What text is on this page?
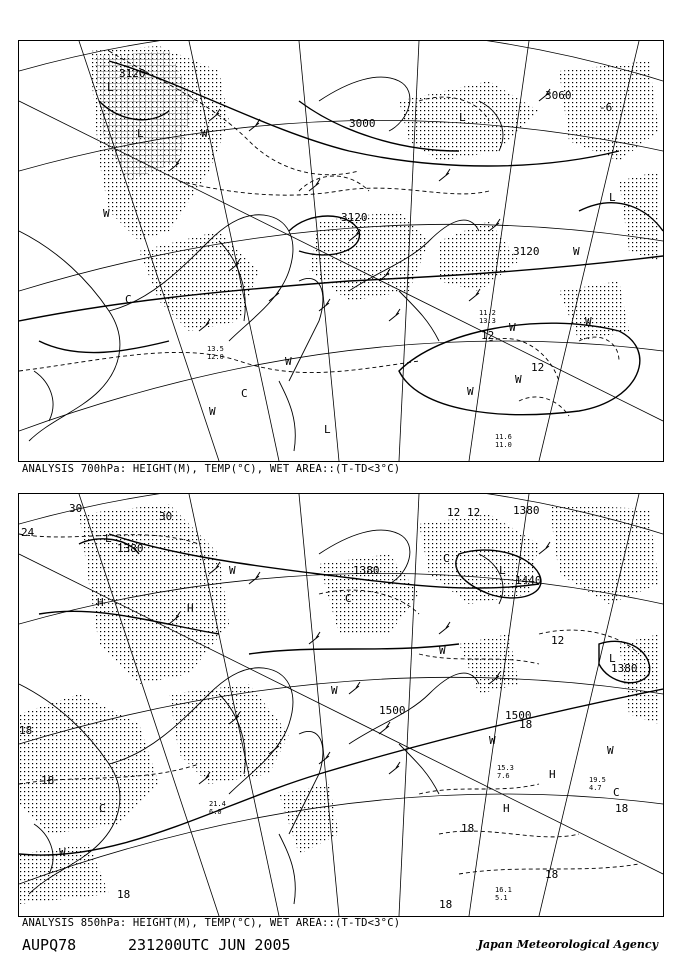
3120
3000
3060
3120
3120
12
12
-6
L
L
L
L
L
C
C
W
W
W	W
W
W
W
W
W
11.2
13.3
11.6
11.0
13.5
12.0
ANALYSIS 700hPa: HEIGHT(M), TEMP(°C), WET AREA::(T-TD<3°C)
1380
1380
1380
1440
1500
1500
1380
24
30
30	12 12
12
18
18
18
18
18
18
18
18
L
L
L
H	H
H
H
C
C
C
C
W
W
W
W
W
W
19.5
4.7
15.3
7.6
21.4
6.0
16.1
5.1
ANALYSIS 850hPa: HEIGHT(M), TEMP(°C), WET AREA::(T-TD<3°C)
AUPQ78	231200UTC JUN 2005	Japan Meteorological Agency
